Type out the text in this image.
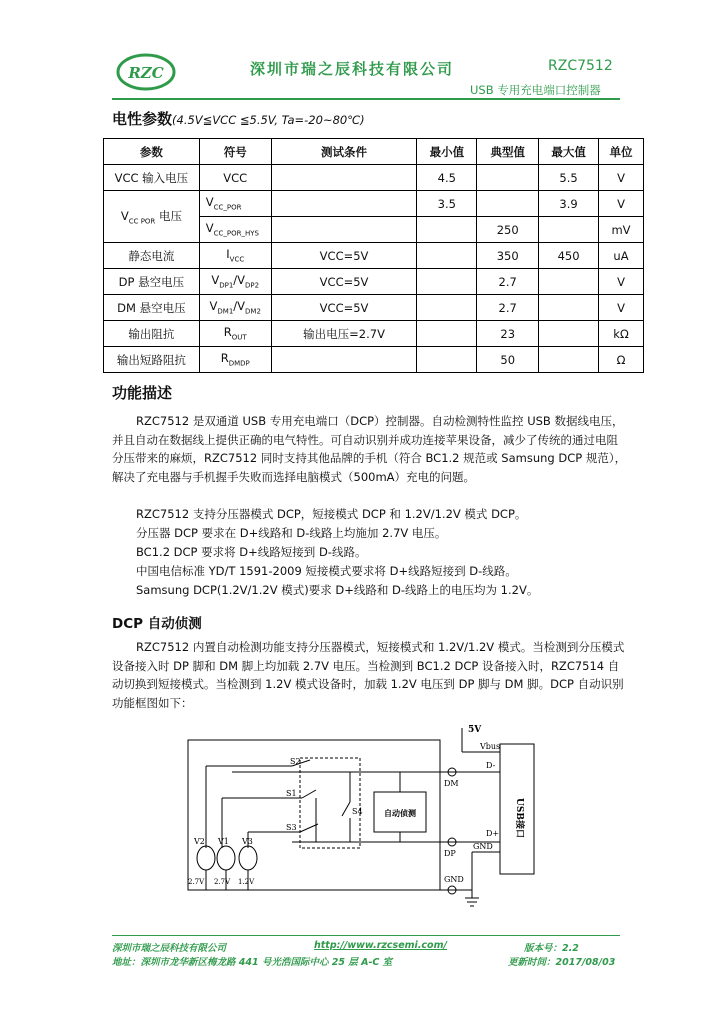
RZC	深圳市瑞之辰科技有限公司	RZC7512
USB 专用充电端口控制器
电性参数(4.5V≦VCC ≦5.5V, Ta=-20~80℃)
参数	符号	测试条件	最小值	典型值	最大值	单位
VCC 输入电压	VCC		4.5		5.5	V
$V_{CC POR}$ 电压	$V_{CC\_POR}$		3.5		3.9	V
	$V_{CC\_POR\_HYS}$			250		mV
静态电流	$I_{VCC}$	VCC=5V		350	450	uA
DP 悬空电压	$V_{DP1}/V_{DP2}$	VCC=5V		2.7		V
DM 悬空电压	$V_{DM1}/V_{DM2}$	VCC=5V		2.7		V
输出阻抗	$R_{OUT}$	输出电压=2.7V		23		kΩ
输出短路阻抗	$R_{DMDP}$			50		Ω
功能描述

RZC7512 是双通道 USB 专用充电端口（DCP）控制器。自动检测特性监控 USB 数据线电压，并且自动在数据线上提供正确的电气特性。可自动识别并成功连接苹果设备，减少了传统的通过电阻分压带来的麻烦，RZC7512 同时支持其他品牌的手机（符合 BC1.2 规范或 Samsung DCP 规范），解决了充电器与手机握手失败而选择电脑模式（500mA）充电的问题。

RZC7512 支持分压器模式 DCP，短接模式 DCP 和 1.2V/1.2V 模式 DCP。
分压器 DCP 要求在 D+线路和 D-线路上均施加 2.7V 电压。
BC1.2 DCP 要求将 D+线路短接到 D-线路。
中国电信标准 YD/T 1591-2009 短接模式要求将 D+线路短接到 D-线路。
Samsung DCP(1.2V/1.2V 模式)要求 D+线路和 D-线路上的电压均为 1.2V。
DCP 自动侦测

RZC7512 内置自动检测功能支持分压器模式，短接模式和 1.2V/1.2V 模式。当检测到分压模式设备接入时 DP 脚和 DM 脚上均加载 2.7V 电压。当检测到 BC1.2 DCP 设备接入时，RZC7514 自动切换到短接模式。当检测到 1.2V 模式设备时，加载 1.2V 电压到 DP 脚与 DM 脚。DCP 自动识别功能框图如下：

5V
Vbus
USB接口
DM
D-
DP
D+
GND
GND
S2
S1
S3
S4	自动侦测
V2 V1 V3
2.7V 2.7V 1.2V
深圳市瑞之辰科技有限公司	http://www.rzcsemi.com/	版本号：2.2
地址：深圳市龙华新区梅龙路 441 号光浩国际中心 25 层 A-C 室	更新时间：2017/08/03
